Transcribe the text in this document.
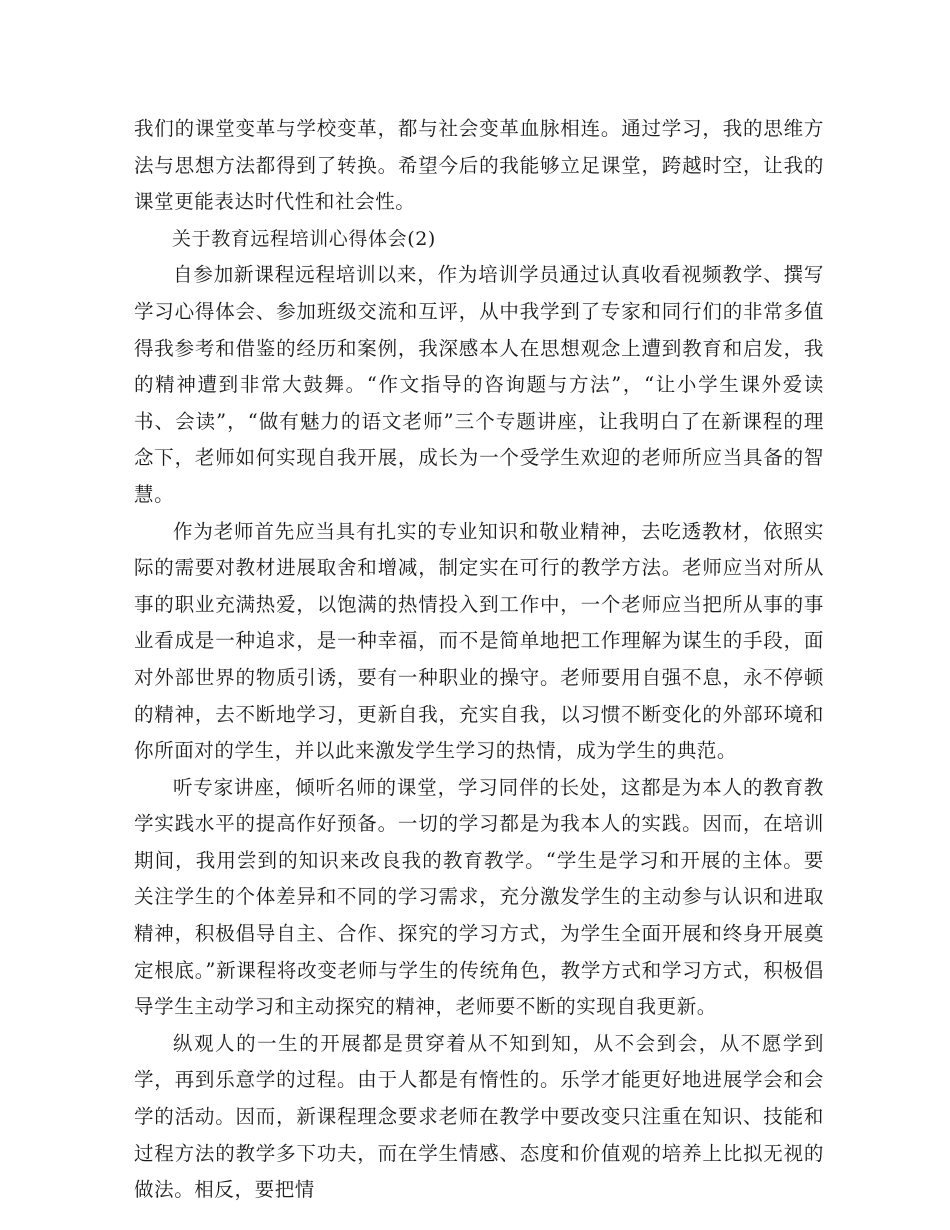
我们的课堂变革与学校变革，都与社会变革血脉相连。通过学习，我的思维方法与思想方法都得到了转换。希望今后的我能够立足课堂，跨越时空，让我的课堂更能表达时代性和社会性。

关于教育远程培训心得体会(2)

自参加新课程远程培训以来，作为培训学员通过认真收看视频教学、撰写学习心得体会、参加班级交流和互评，从中我学到了专家和同行们的非常多值得我参考和借鉴的经历和案例，我深感本人在思想观念上遭到教育和启发，我的精神遭到非常大鼓舞。“作文指导的咨询题与方法”，“让小学生课外爱读书、会读”，“做有魅力的语文老师”三个专题讲座，让我明白了在新课程的理念下，老师如何实现自我开展，成长为一个受学生欢迎的老师所应当具备的智慧。

作为老师首先应当具有扎实的专业知识和敬业精神，去吃透教材，依照实际的需要对教材进展取舍和增减，制定实在可行的教学方法。老师应当对所从事的职业充满热爱，以饱满的热情投入到工作中，一个老师应当把所从事的事业看成是一种追求，是一种幸福，而不是简单地把工作理解为谋生的手段，面对外部世界的物质引诱，要有一种职业的操守。老师要用自强不息，永不停顿的精神，去不断地学习，更新自我，充实自我，以习惯不断变化的外部环境和你所面对的学生，并以此来激发学生学习的热情，成为学生的典范。

听专家讲座，倾听名师的课堂，学习同伴的长处，这都是为本人的教育教学实践水平的提高作好预备。一切的学习都是为我本人的实践。因而，在培训期间，我用尝到的知识来改良我的教育教学。“学生是学习和开展的主体。要关注学生的个体差异和不同的学习需求，充分激发学生的主动参与认识和进取精神，积极倡导自主、合作、探究的学习方式，为学生全面开展和终身开展奠定根底。”新课程将改变老师与学生的传统角色，教学方式和学习方式，积极倡导学生主动学习和主动探究的精神，老师要不断的实现自我更新。

纵观人的一生的开展都是贯穿着从不知到知，从不会到会，从不愿学到学，再到乐意学的过程。由于人都是有惰性的。乐学才能更好地进展学会和会学的活动。因而，新课程理念要求老师在教学中要改变只注重在知识、技能和过程方法的教学多下功夫，而在学生情感、态度和价值观的培养上比拟无视的做法。相反，要把情
